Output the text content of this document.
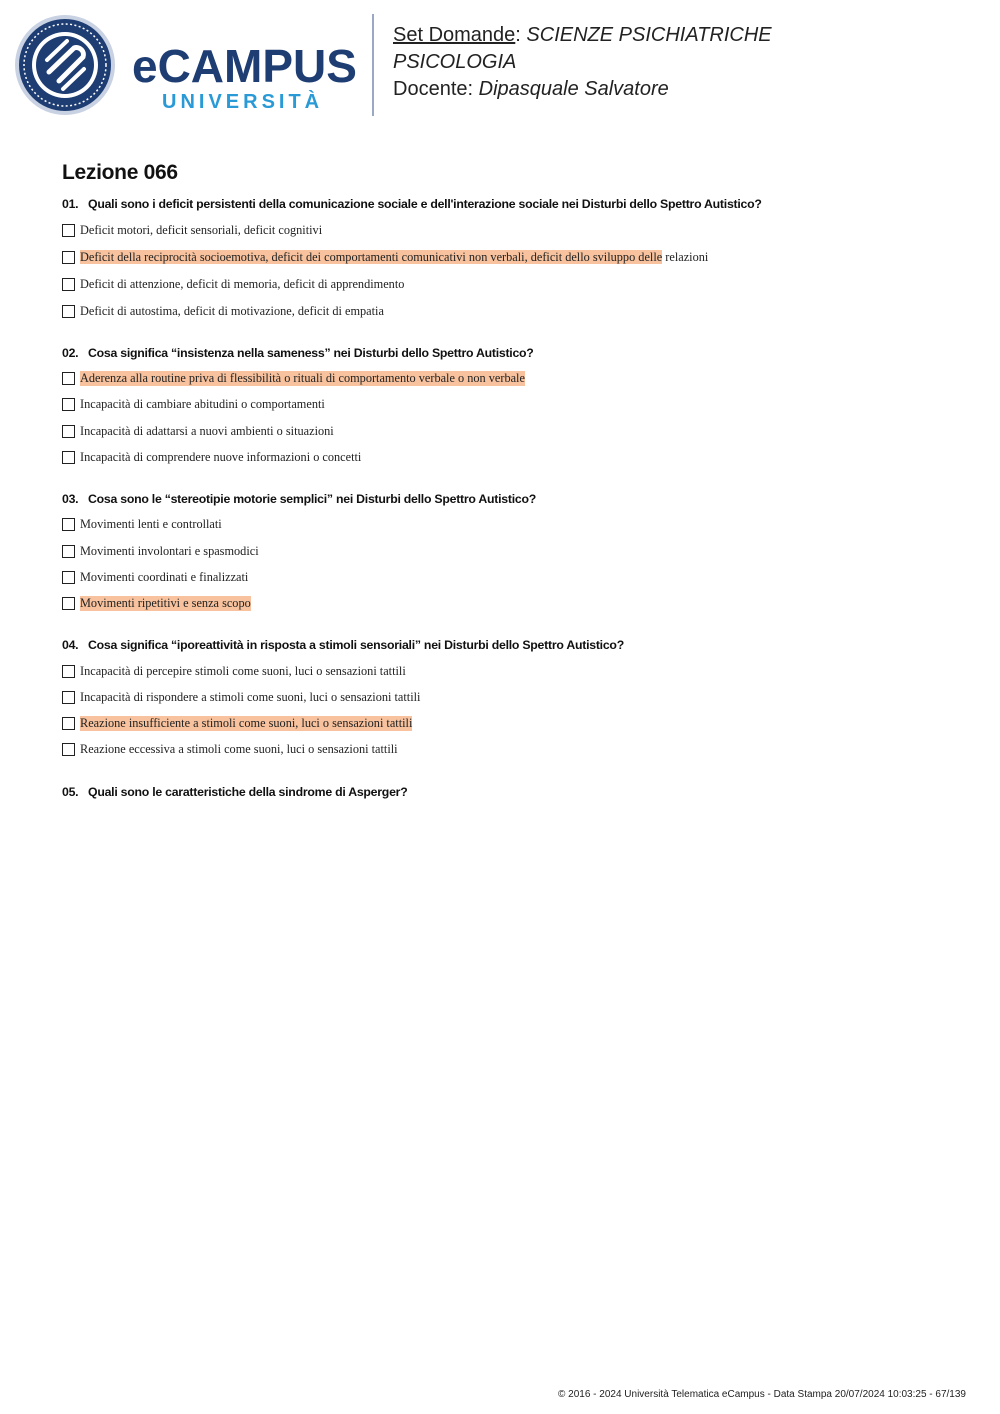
eCAMPUS
UNIVERSITÀ
Set Domande: SCIENZE PSICHIATRICHE
PSICOLOGIA
Docente: Dipasquale Salvatore
Lezione 066
01. Quali sono i deficit persistenti della comunicazione sociale e dell'interazione sociale nei Disturbi dello Spettro Autistico?
Deficit motori, deficit sensoriali, deficit cognitivi
Deficit della reciprocità socioemotiva, deficit dei comportamenti comunicativi non verbali, deficit dello sviluppo delle relazioni
Deficit di attenzione, deficit di memoria, deficit di apprendimento
Deficit di autostima, deficit di motivazione, deficit di empatia
02. Cosa significa “insistenza nella sameness” nei Disturbi dello Spettro Autistico?
Aderenza alla routine priva di flessibilità o rituali di comportamento verbale o non verbale
Incapacità di cambiare abitudini o comportamenti
Incapacità di adattarsi a nuovi ambienti o situazioni
Incapacità di comprendere nuove informazioni o concetti
03. Cosa sono le “stereotipie motorie semplici” nei Disturbi dello Spettro Autistico?
Movimenti lenti e controllati
Movimenti involontari e spasmodici
Movimenti coordinati e finalizzati
Movimenti ripetitivi e senza scopo
04. Cosa significa “iporeattività in risposta a stimoli sensoriali” nei Disturbi dello Spettro Autistico?
Incapacità di percepire stimoli come suoni, luci o sensazioni tattili
Incapacità di rispondere a stimoli come suoni, luci o sensazioni tattili
Reazione insufficiente a stimoli come suoni, luci o sensazioni tattili
Reazione eccessiva a stimoli come suoni, luci o sensazioni tattili
05. Quali sono le caratteristiche della sindrome di Asperger?
© 2016 - 2024 Università Telematica eCampus - Data Stampa 20/07/2024 10:03:25 - 67/139
